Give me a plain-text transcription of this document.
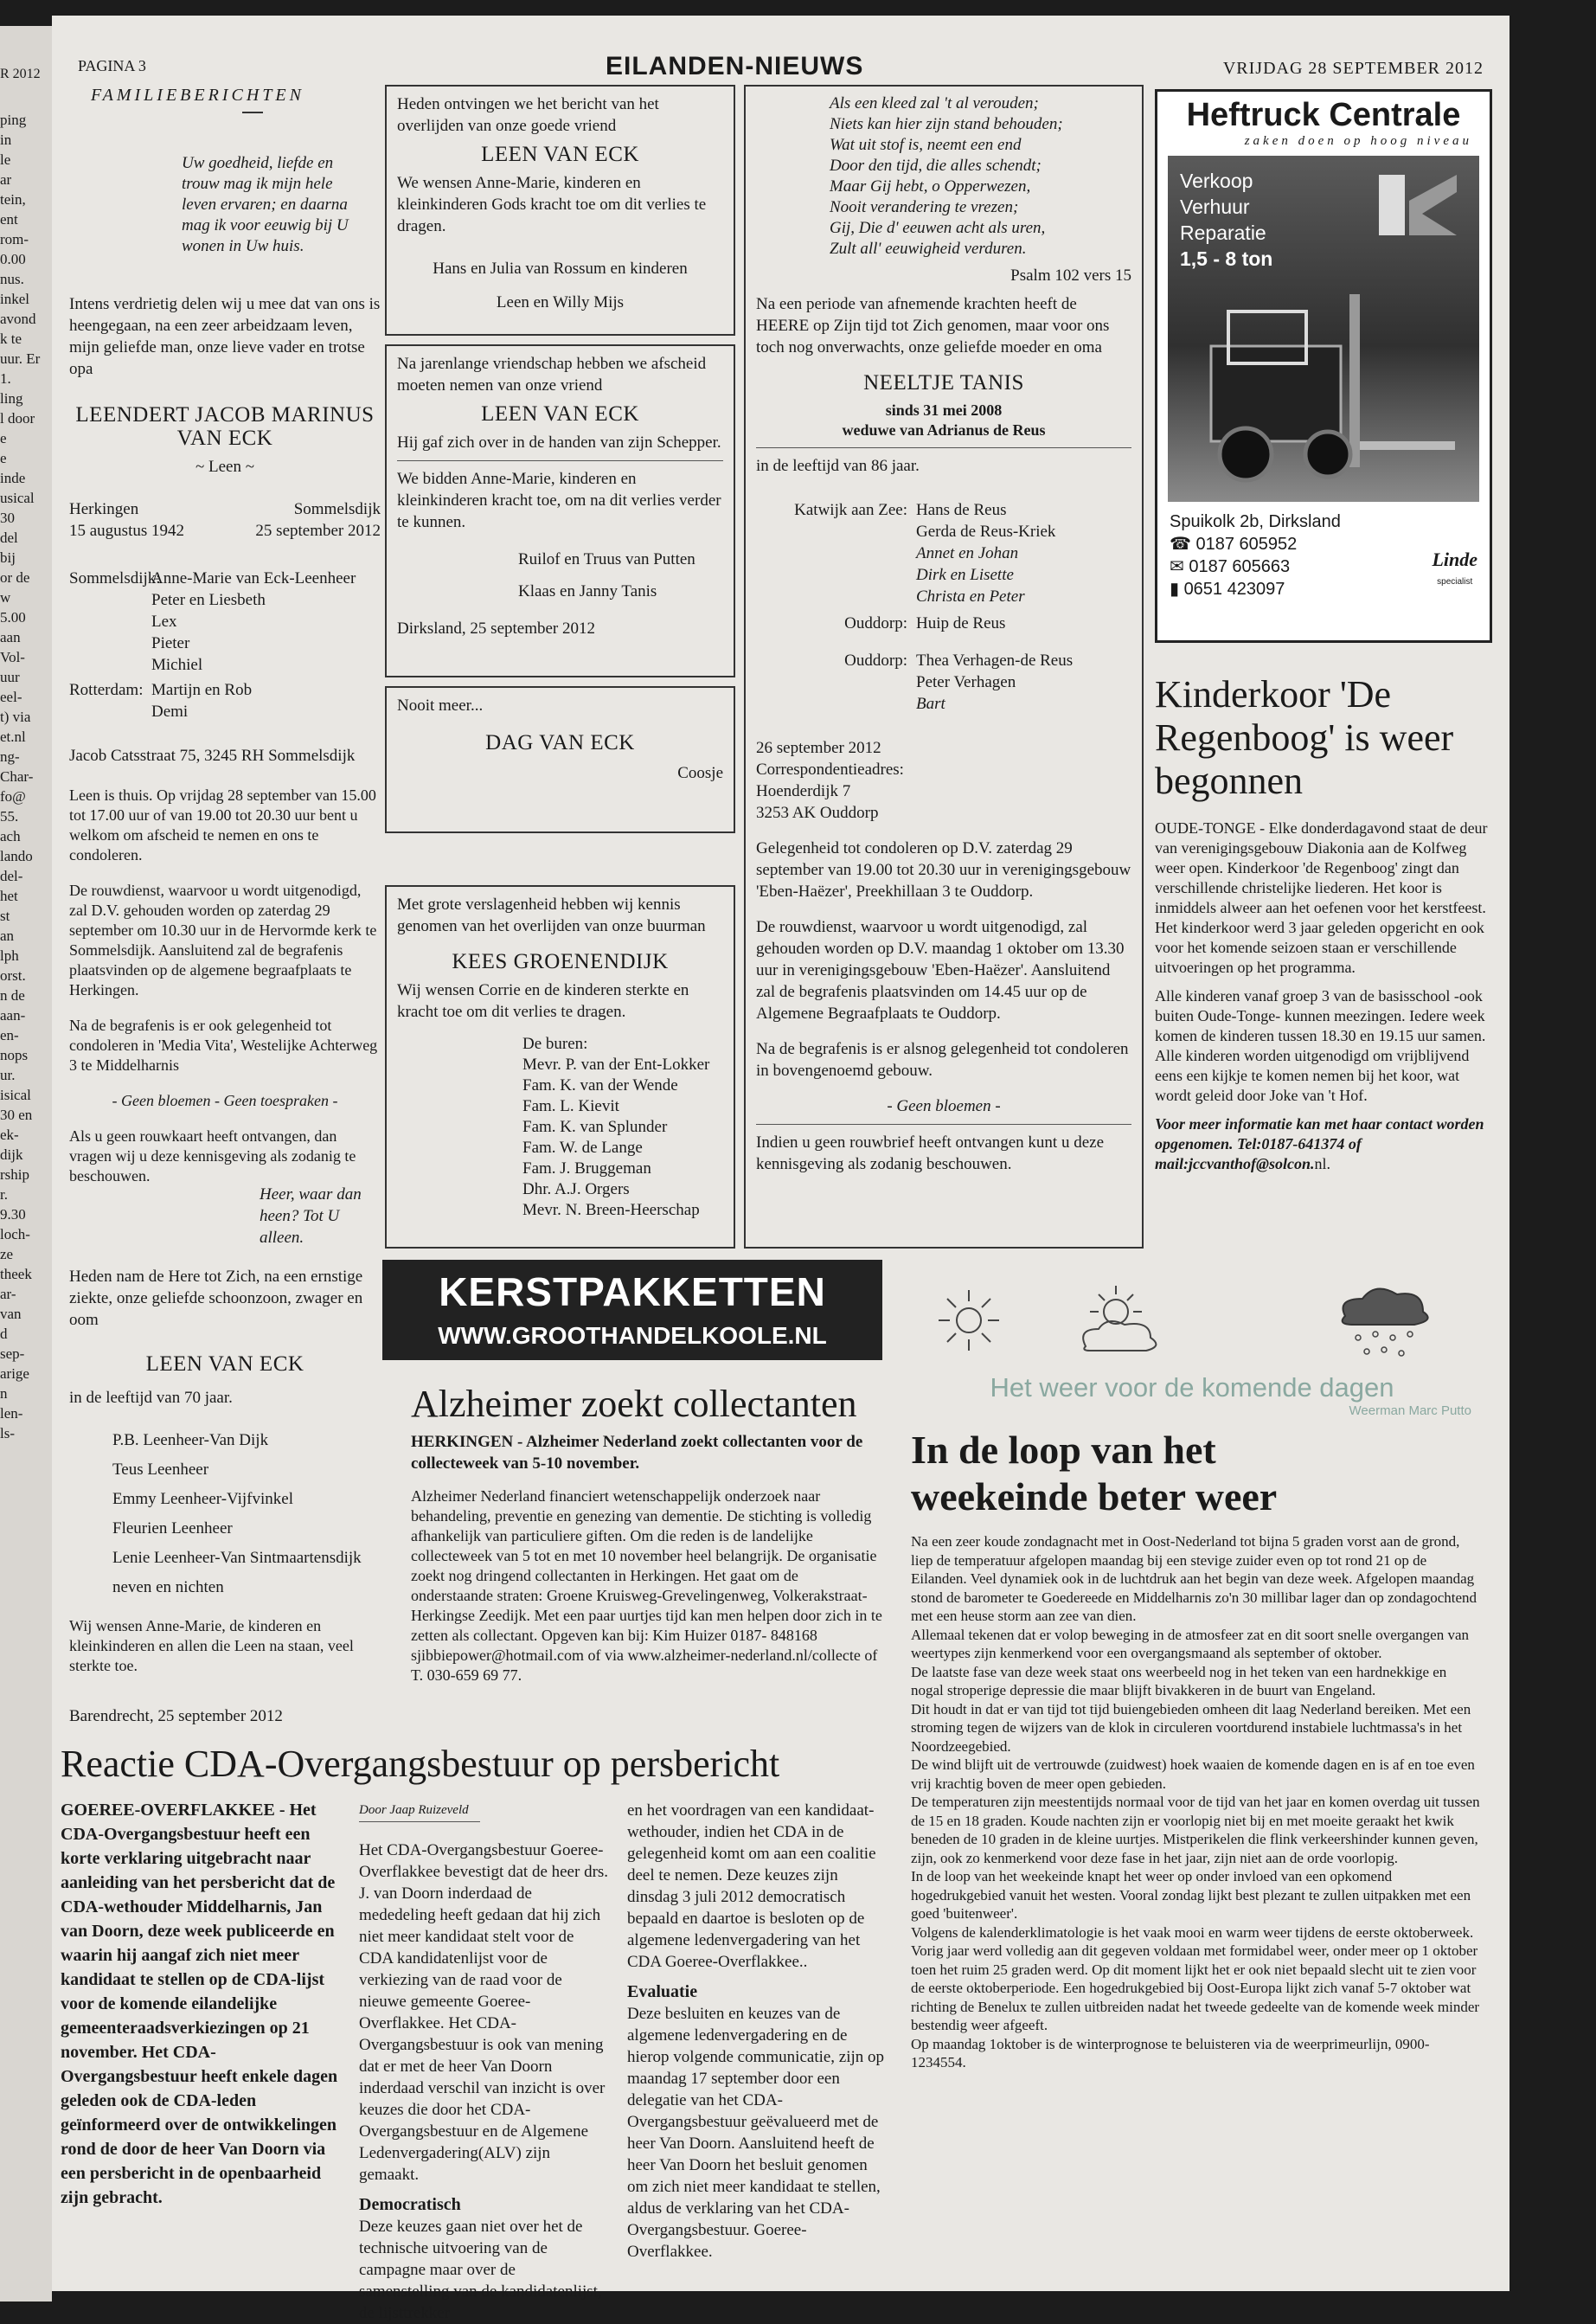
R 2012
ping
in
le
ar
tein,
ent
rom-
0.00
nus.
inkel
avond
k te
uur. Er
1.
ling
l door
e
e
inde
usical
30
del
bij
or de
w
5.00
aan
Vol-
uur
eel-
t) via
et.nl
ng-
Char-
fo@
55.
ach
lando
del-
het
st
an
lph
orst.
n de
aan-
en-
nops
ur.
isical
30 en
ek-
dijk
rship
r.
9.30
loch-
ze
theek
ar-
van
d
sep-
arige
n
len-
ls-
PAGINA 3	EILANDEN-NIEUWS	VRIJDAG 28 SEPTEMBER 2012
FAMILIEBERICHTEN
Uw goedheid, liefde en trouw mag ik mijn hele leven ervaren; en daarna mag ik voor eeuwig bij U wonen in Uw huis.
Intens verdrietig delen wij u mee dat van ons is heengegaan, na een zeer arbeidzaam leven, mijn geliefde man, onze lieve vader en trotse opa
LEENDERT JACOB MARINUS
VAN ECK
~ Leen ~
Herkingen	Sommelsdijk
15 augustus 1942	25 september 2012
Sommelsdijk:
Anne-Marie van Eck-Leenheer
Peter en Liesbeth
Lex
Pieter
Michiel
Rotterdam: Martijn en Rob
Demi
Jacob Catsstraat 75, 3245 RH Sommelsdijk
Leen is thuis. Op vrijdag 28 september van 15.00 tot 17.00 uur of van 19.00 tot 20.30 uur bent u welkom om afscheid te nemen en ons te condoleren.
De rouwdienst, waarvoor u wordt uitgenodigd, zal D.V. gehouden worden op zaterdag 29 september om 10.30 uur in de Hervormde kerk te Sommelsdijk. Aansluitend zal de begrafenis plaatsvinden op de algemene begraafplaats te Herkingen.
Na de begrafenis is er ook gelegenheid tot condoleren in 'Media Vita', Westelijke Achterweg 3 te Middelharnis
- Geen bloemen - Geen toespraken -
Als u geen rouwkaart heeft ontvangen, dan vragen wij u deze kennisgeving als zodanig te beschouwen.
Heer, waar dan heen? Tot U alleen.
Heden nam de Here tot Zich, na een ernstige ziekte, onze geliefde schoonzoon, zwager en oom
LEEN VAN ECK
in de leeftijd van 70 jaar.
P.B. Leenheer-Van Dijk
Teus Leenheer
Emmy Leenheer-Vijfvinkel
Fleurien Leenheer
Lenie Leenheer-Van Sintmaartensdijk
neven en nichten
Wij wensen Anne-Marie, de kinderen en kleinkinderen en allen die Leen na staan, veel sterkte toe.
Barendrecht, 25 september 2012
Heden ontvingen we het bericht van het overlijden van onze goede vriend
LEEN VAN ECK
We wensen Anne-Marie, kinderen en kleinkinderen Gods kracht toe om dit verlies te dragen.
Hans en Julia van Rossum en kinderen
Leen en Willy Mijs
Na jarenlange vriendschap hebben we afscheid moeten nemen van onze vriend
LEEN VAN ECK
Hij gaf zich over in de handen van zijn Schepper.
We bidden Anne-Marie, kinderen en kleinkinderen kracht toe, om na dit verlies verder te kunnen.
Ruilof en Truus van Putten
Klaas en Janny Tanis
Dirksland, 25 september 2012
Nooit meer...
DAG VAN ECK
Coosje
Met grote verslagenheid hebben wij kennis genomen van het overlijden van onze buurman
KEES GROENENDIJK
Wij wensen Corrie en de kinderen sterkte en kracht toe om dit verlies te dragen.
De buren:
Mevr. P. van der Ent-Lokker
Fam. K. van der Wende
Fam. L. Kievit
Fam. K. van Splunder
Fam. W. de Lange
Fam. J. Bruggeman
Dhr. A.J. Orgers
Mevr. N. Breen-Heerschap
Als een kleed zal 't al verouden;
Niets kan hier zijn stand behouden;
Wat uit stof is, neemt een end
Door den tijd, die alles schendt;
Maar Gij hebt, o Opperwezen,
Nooit verandering te vrezen;
Gij, Die d' eeuwen acht als uren,
Zult all' eeuwigheid verduren.
Psalm 102 vers 15
Na een periode van afnemende krachten heeft de HEERE op Zijn tijd tot Zich genomen, maar voor ons toch nog onverwachts, onze geliefde moeder en oma
NEELTJE TANIS
sinds 31 mei 2008
weduwe van Adrianus de Reus
in de leeftijd van 86 jaar.
Katwijk aan Zee: Hans de Reus
Gerda de Reus-Kriek
Annet en Johan
Dirk en Lisette
Christa en Peter
Ouddorp: Huip de Reus
Ouddorp: Thea Verhagen-de Reus
Peter Verhagen
Bart
26 september 2012
Correspondentieadres:
Hoenderdijk 7
3253 AK Ouddorp
Gelegenheid tot condoleren op D.V. zaterdag 29 september van 19.00 tot 20.30 uur in verenigingsgebouw 'Eben-Haëzer', Preekhillaan 3 te Ouddorp.
De rouwdienst, waarvoor u wordt uitgenodigd, zal gehouden worden op D.V. maandag 1 oktober om 13.30 uur in verenigingsgebouw 'Eben-Haëzer'. Aansluitend zal de begrafenis plaatsvinden om 14.45 uur op de Algemene Begraafplaats te Ouddorp.
Na de begrafenis is er alsnog gelegenheid tot condoleren in bovengenoemd gebouw.
- Geen bloemen -
Indien u geen rouwbrief heeft ontvangen kunt u deze kennisgeving als zodanig beschouwen.
Heftruck Centrale
zaken doen op hoog niveau
Verkoop
Verhuur
Reparatie
1,5 - 8 ton
Spuikolk 2b, Dirksland
☎ 0187 605952
✉ 0187 605663
▮ 0651 423097
Linde
specialist
Kinderkoor 'De Regenboog' is weer begonnen
OUDE-TONGE - Elke donderdagavond staat de deur van verenigingsgebouw Diakonia aan de Kolfweg weer open. Kinderkoor 'de Regenboog' zingt dan verschillende christelijke liederen. Het koor is inmiddels alweer aan het oefenen voor het kerstfeest. Het kinderkoor werd 3 jaar geleden opgericht en ook voor het komende seizoen staan er verschillende uitvoeringen op het programma.
Alle kinderen vanaf groep 3 van de basisschool -ook buiten Oude-Tonge- kunnen meezingen. Iedere week komen de kinderen tussen 18.30 en 19.15 uur samen. Alle kinderen worden uitgenodigd om vrijblijvend eens een kijkje te komen nemen bij het koor, wat wordt geleid door Joke van 't Hof.
Voor meer informatie kan met haar contact worden opgenomen. Tel:0187-641374 of mail:jccvanthof@solcon.nl.
KERSTPAKKETTEN
WWW.GROOTHANDELKOOLE.NL
Alzheimer zoekt collectanten
HERKINGEN - Alzheimer Nederland zoekt collectanten voor de collecteweek van 5-10 november.
Alzheimer Nederland financiert wetenschappelijk onderzoek naar behandeling, preventie en genezing van dementie. De stichting is volledig afhankelijk van particuliere giften. Om die reden is de landelijke collecteweek van 5 tot en met 10 november heel belangrijk. De organisatie zoekt nog dringend collectanten in Herkingen. Het gaat om de onderstaande straten: Groene Kruisweg-Grevelingenweg, Volkerakstraat-Herkingse Zeedijk. Met een paar uurtjes tijd kan men helpen door zich in te zetten als collectant. Opgeven kan bij: Kim Huizer 0187- 848168 sjibbiepower@hotmail.com of via www.alzheimer-nederland.nl/collecte of T. 030-659 69 77.
Het weer voor de komende dagen
Weerman Marc Putto
In de loop van het weekeinde beter weer
Na een zeer koude zondagnacht met in Oost-Nederland tot bijna 5 graden vorst aan de grond, liep de temperatuur afgelopen maandag bij een stevige zuider even op tot rond 21 op de Eilanden. Veel dynamiek ook in de luchtdruk aan het begin van deze week. Afgelopen maandag stond de barometer te Goedereede en Middelharnis zo'n 30 millibar lager dan op zondagochtend met een heuse storm aan zee van dien.
Allemaal tekenen dat er volop beweging in de atmosfeer zat en dit soort snelle overgangen van weertypes zijn kenmerkend voor een overgangsmaand als september of oktober.
De laatste fase van deze week staat ons weerbeeld nog in het teken van een hardnekkige en nogal stroperige depressie die maar blijft bivakkeren in de buurt van Engeland.
Dit houdt in dat er van tijd tot tijd buiengebieden omheen dit laag Nederland bereiken. Met een stroming tegen de wijzers van de klok in circuleren voortdurend instabiele luchtmassa's in het Noordzeegebied.
De wind blijft uit de vertrouwde (zuidwest) hoek waaien de komende dagen en is af en toe even vrij krachtig boven de meer open gebieden.
De temperaturen zijn meestentijds normaal voor de tijd van het jaar en komen overdag uit tussen de 15 en 18 graden. Koude nachten zijn er voorlopig niet bij en met moeite geraakt het kwik beneden de 10 graden in de kleine uurtjes. Mistperikelen die flink verkeershinder kunnen geven, zijn, ook zo kenmerkend voor deze fase in het jaar, zijn niet aan de orde voorlopig.
In de loop van het weekeinde knapt het weer op onder invloed van een opkomend hogedrukgebied vanuit het westen. Vooral zondag lijkt best plezant te zullen uitpakken met een goed 'buitenweer'.
Volgens de kalenderklimatologie is het vaak mooi en warm weer tijdens de eerste oktoberweek. Vorig jaar werd volledig aan dit gegeven voldaan met formidabel weer, onder meer op 1 oktober toen het ruim 25 graden werd. Op dit moment lijkt het er ook niet bepaald slecht uit te zien voor de eerste oktoberperiode. Een hogedrukgebied bij Oost-Europa lijkt zich vanaf 5-7 oktober wat richting de Benelux te zullen uitbreiden nadat het tweede gedeelte van de komende week minder bestendig weer afgeeft.
Op maandag 1oktober is de winterprognose te beluisteren via de weerprimeurlijn, 0900-1234554.
Reactie CDA-Overgangsbestuur op persbericht
GOEREE-OVERFLAKKEE - Het CDA-Overgangsbestuur heeft een korte verklaring uitgebracht naar aanleiding van het persbericht dat de CDA-wethouder Middelharnis, Jan van Doorn, deze week publiceerde en waarin hij aangaf zich niet meer kandidaat te stellen op de CDA-lijst voor de komende eilandelijke gemeenteraadsverkiezingen op 21 november. Het CDA-Overgangsbestuur heeft enkele dagen geleden ook de CDA-leden geïnformeerd over de ontwikkelingen rond de door de heer Van Doorn via een persbericht in de openbaarheid zijn gebracht.
Door Jaap Ruizeveld
Het CDA-Overgangsbestuur Goeree-Overflakkee bevestigt dat de heer drs. J. van Doorn inderdaad de mededeling heeft gedaan dat hij zich niet meer kandidaat stelt voor de CDA kandidatenlijst voor de verkiezing van de raad voor de nieuwe gemeente Goeree-Overflakkee. Het CDA-Overgangsbestuur is ook van mening dat er met de heer Van Doorn inderdaad verschil van inzicht is over keuzes die door het CDA-Overgangsbestuur en de Algemene Ledenvergadering(ALV) zijn gemaakt.
Democratisch
Deze keuzes gaan niet over het de technische uitvoering van de campagne maar over de samenstelling van de kandidatenlijst, de lijsttrekker
en het voordragen van een kandidaat-wethouder, indien het CDA in de gelegenheid komt om aan een coalitie deel te nemen. Deze keuzes zijn dinsdag 3 juli 2012 democratisch bepaald en daartoe is besloten op de algemene ledenvergadering van het CDA Goeree-Overflakkee..
Evaluatie
Deze besluiten en keuzes van de algemene ledenvergadering en de hierop volgende communicatie, zijn op maandag 17 september door een delegatie van het CDA-Overgangsbestuur geëvalueerd met de heer Van Doorn. Aansluitend heeft de heer Van Doorn het besluit genomen om zich niet meer kandidaat te stellen, aldus de verklaring van het CDA-Overgangsbestuur. Goeree-Overflakkee.
